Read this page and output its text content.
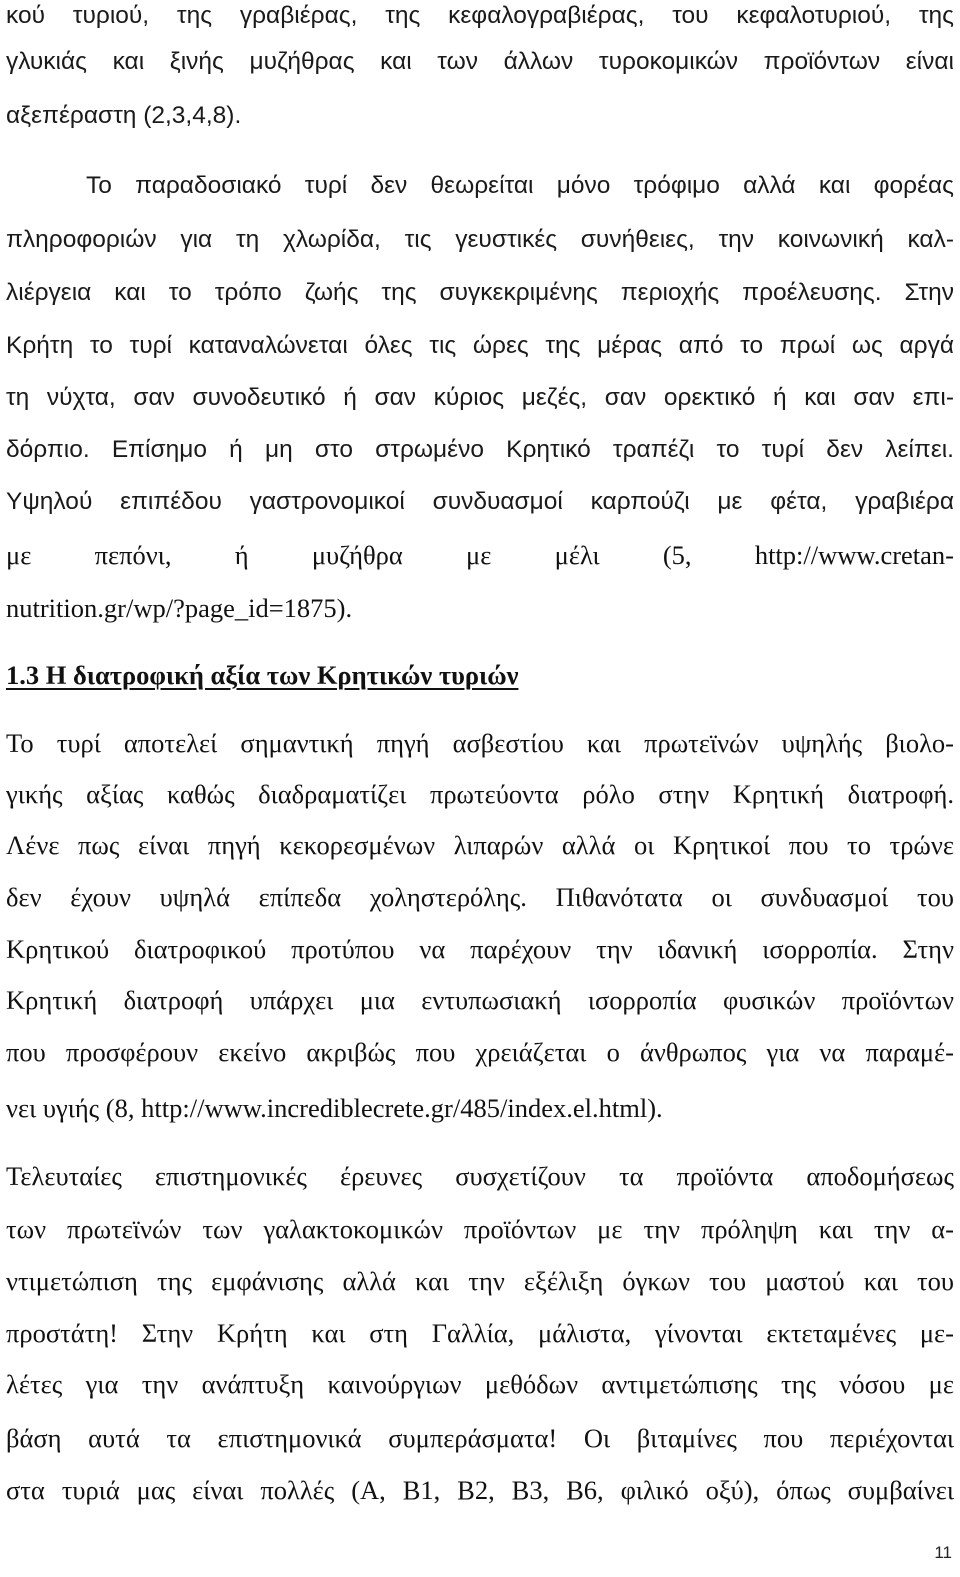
κού τυριού, της γραβιέρας, της κεφαλογραβιέρας, του κεφαλοτυριού, της
γλυκιάς και ξινής μυζήθρας και των άλλων τυροκομικών προϊόντων είναι
αξεπέραστη (2,3,4,8).
Το παραδοσιακό τυρί δεν θεωρείται μόνο τρόφιμο αλλά και φορέας
πληροφοριών για τη χλωρίδα, τις γευστικές συνήθειες, την κοινωνική καλ-
λιέργεια και το τρόπο ζωής της συγκεκριμένης περιοχής προέλευσης. Στην
Κρήτη το τυρί καταναλώνεται όλες τις ώρες της μέρας από το πρωί ως αργά
τη νύχτα, σαν συνοδευτικό ή σαν κύριος μεζές, σαν ορεκτικό ή και σαν επι-
δόρπιο. Επίσημο ή μη στο στρωμένο Κρητικό τραπέζι το τυρί δεν λείπει.
Υψηλού επιπέδου γαστρονομικοί συνδυασμοί καρπούζι με φέτα, γραβιέρα
με πεπόνι, ή μυζήθρα με μέλι (5, http://www.cretan-
nutrition.gr/wp/?page_id=1875).
1.3 Η διατροφική αξία των Κρητικών τυριών
Το τυρί αποτελεί σημαντική πηγή ασβεστίου και πρωτεϊνών υψηλής βιολο-
γικής αξίας καθώς διαδραματίζει πρωτεύοντα ρόλο στην Κρητική διατροφή.
Λένε πως είναι πηγή κεκορεσμένων λιπαρών αλλά οι Κρητικοί που το τρώνε
δεν έχουν υψηλά επίπεδα χοληστερόλης. Πιθανότατα οι συνδυασμοί του
Κρητικού διατροφικού προτύπου να παρέχουν την ιδανική ισορροπία. Στην
Κρητική διατροφή υπάρχει μια εντυπωσιακή ισορροπία φυσικών προϊόντων
που προσφέρουν εκείνο ακριβώς που χρειάζεται ο άνθρωπος για να παραμέ-
νει υγιής (8, http://www.incrediblecrete.gr/485/index.el.html).
Τελευταίες επιστημονικές έρευνες συσχετίζουν τα προϊόντα αποδομήσεως
των πρωτεϊνών των γαλακτοκομικών προϊόντων με την πρόληψη και την α-
ντιμετώπιση της εμφάνισης αλλά και την εξέλιξη όγκων του μαστού και του
προστάτη! Στην Κρήτη και στη Γαλλία, μάλιστα, γίνονται εκτεταμένες με-
λέτες για την ανάπτυξη καινούργιων μεθόδων αντιμετώπισης της νόσου με
βάση αυτά τα επιστημονικά συμπεράσματα! Οι βιταμίνες που περιέχονται
στα τυριά μας είναι πολλές (Α, Β1, Β2, Β3, Β6, φιλικό οξύ), όπως συμβαίνει
11
